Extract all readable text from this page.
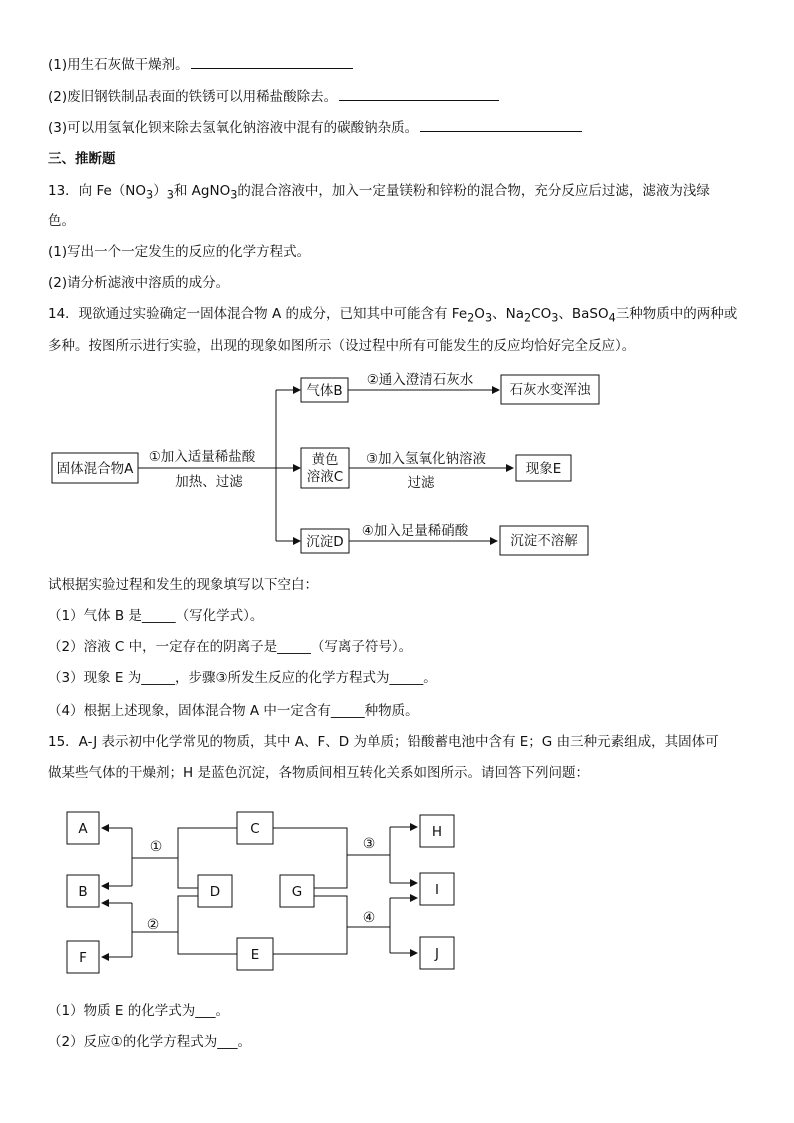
(1)用生石灰做干燥剂。
(2)废旧钢铁制品表面的铁锈可以用稀盐酸除去。
(3)可以用氢氧化钡来除去氢氧化钠溶液中混有的碳酸钠杂质。
三、推断题
13．向 $Fe(NO_3)_3$和 AgNO$_3$的混合溶液中，加入一定量镁粉和锌粉的混合物，充分反应后过滤，滤液为浅绿
色。
(1)写出一个一定发生的反应的化学方程式。
(2)请分析滤液中溶质的成分。
14．现欲通过实验确定一固体混合物 A 的成分，已知其中可能含有 $Fe_2O_3$、$Na_2CO_3$、BaSO$_4$三种物质中的两种或
多种。按图所示进行实验，出现的现象如图所示（设过程中所有可能发生的反应均恰好完全反应）。
固体混合物A
①加入适量稀盐酸
加热、过滤
气体B
②通入澄清石灰水
石灰水变浑浊
黄色
溶液C
③加入氢氧化钠溶液
过滤
现象E
沉淀D
④加入足量稀硝酸
沉淀不溶解
A
B
F
C
D
E
G
H
I
J
①
②
③
④
试根据实验过程和发生的现象填写以下空白：
（1）气体 B 是_____（写化学式）。
（2）溶液 C 中，一定存在的阴离子是_____（写离子符号）。
（3）现象 E 为_____，步骤③所发生反应的化学方程式为_____。
（4）根据上述现象，固体混合物 A 中一定含有_____种物质。
15．A-J 表示初中化学常见的物质，其中 A、F、D 为单质；铅酸蓄电池中含有 E；G 由三种元素组成，其固体可
做某些气体的干燥剂；H 是蓝色沉淀，各物质间相互转化关系如图所示。请回答下列问题：
（1）物质 E 的化学式为___。
（2）反应①的化学方程式为___。
